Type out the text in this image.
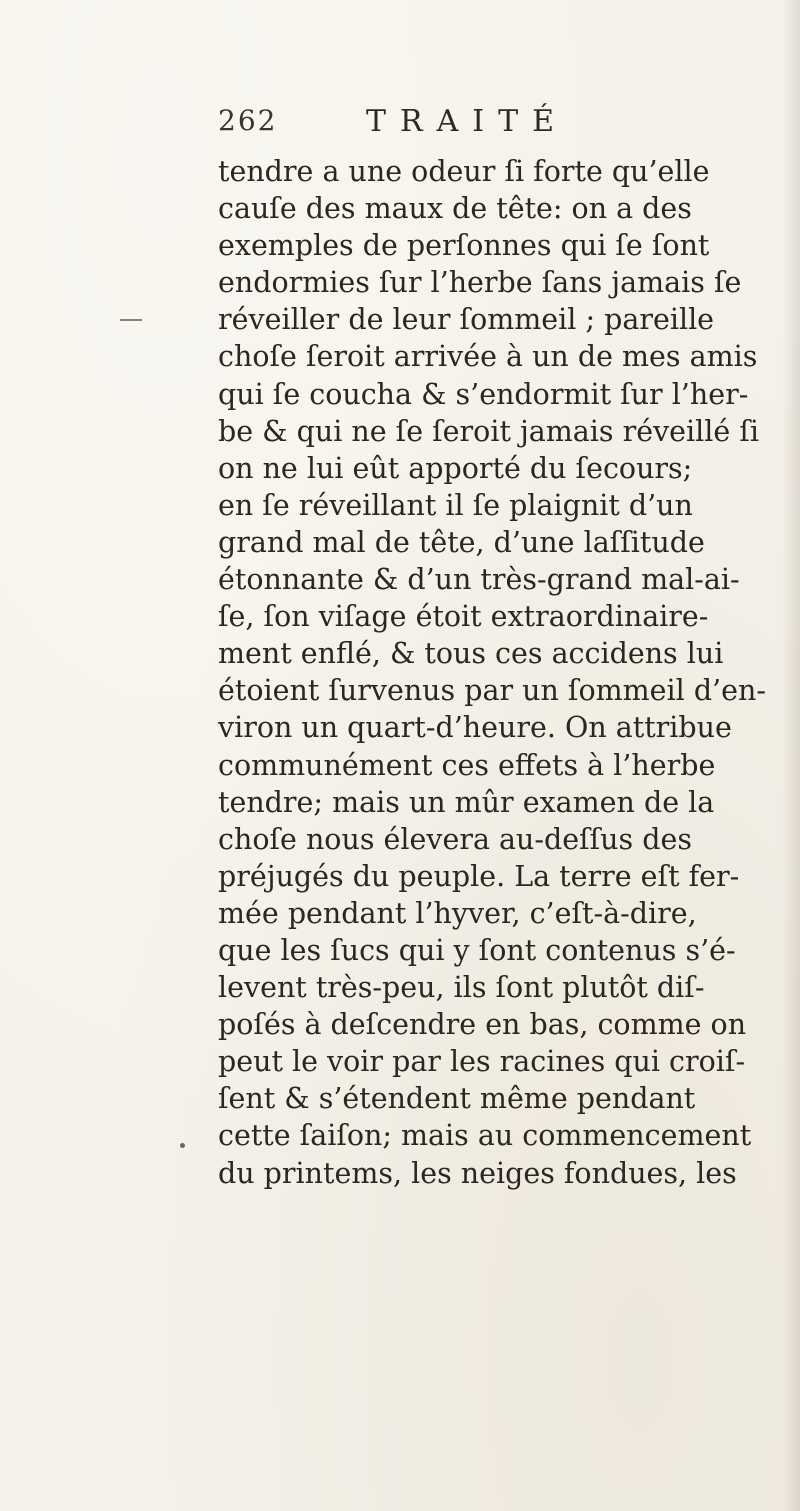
262	TRAITÉ
tendre a une odeur ſi forte qu’elle
cauſe des maux de tête: on a des
exemples de perſonnes qui ſe ſont
endormies ſur l’herbe ſans jamais ſe
réveiller de leur ſommeil ; pareille
choſe ſeroit arrivée à un de mes amis
qui ſe coucha & s’endormit ſur l’her-
be & qui ne ſe ſeroit jamais réveillé ſi
on ne lui eût apporté du ſecours;
en ſe réveillant il ſe plaignit d’un
grand mal de tête, d’une laſſitude
étonnante & d’un très-grand mal-ai-
ſe, ſon viſage étoit extraordinaire-
ment enflé, & tous ces accidens lui
étoient ſurvenus par un ſommeil d’en-
viron un quart-d’heure. On attribue
communément ces effets à l’herbe
tendre; mais un mûr examen de la
choſe nous élevera au-deſſus des
préjugés du peuple. La terre eſt fer-
mée pendant l’hyver, c’eſt-à-dire,
que les ſucs qui y ſont contenus s’é-
levent très-peu, ils ſont plutôt diſ-
poſés à deſcendre en bas, comme on
peut le voir par les racines qui croiſ-
ſent & s’étendent même pendant
cette ſaiſon; mais au commencement
du printems, les neiges fondues, les
